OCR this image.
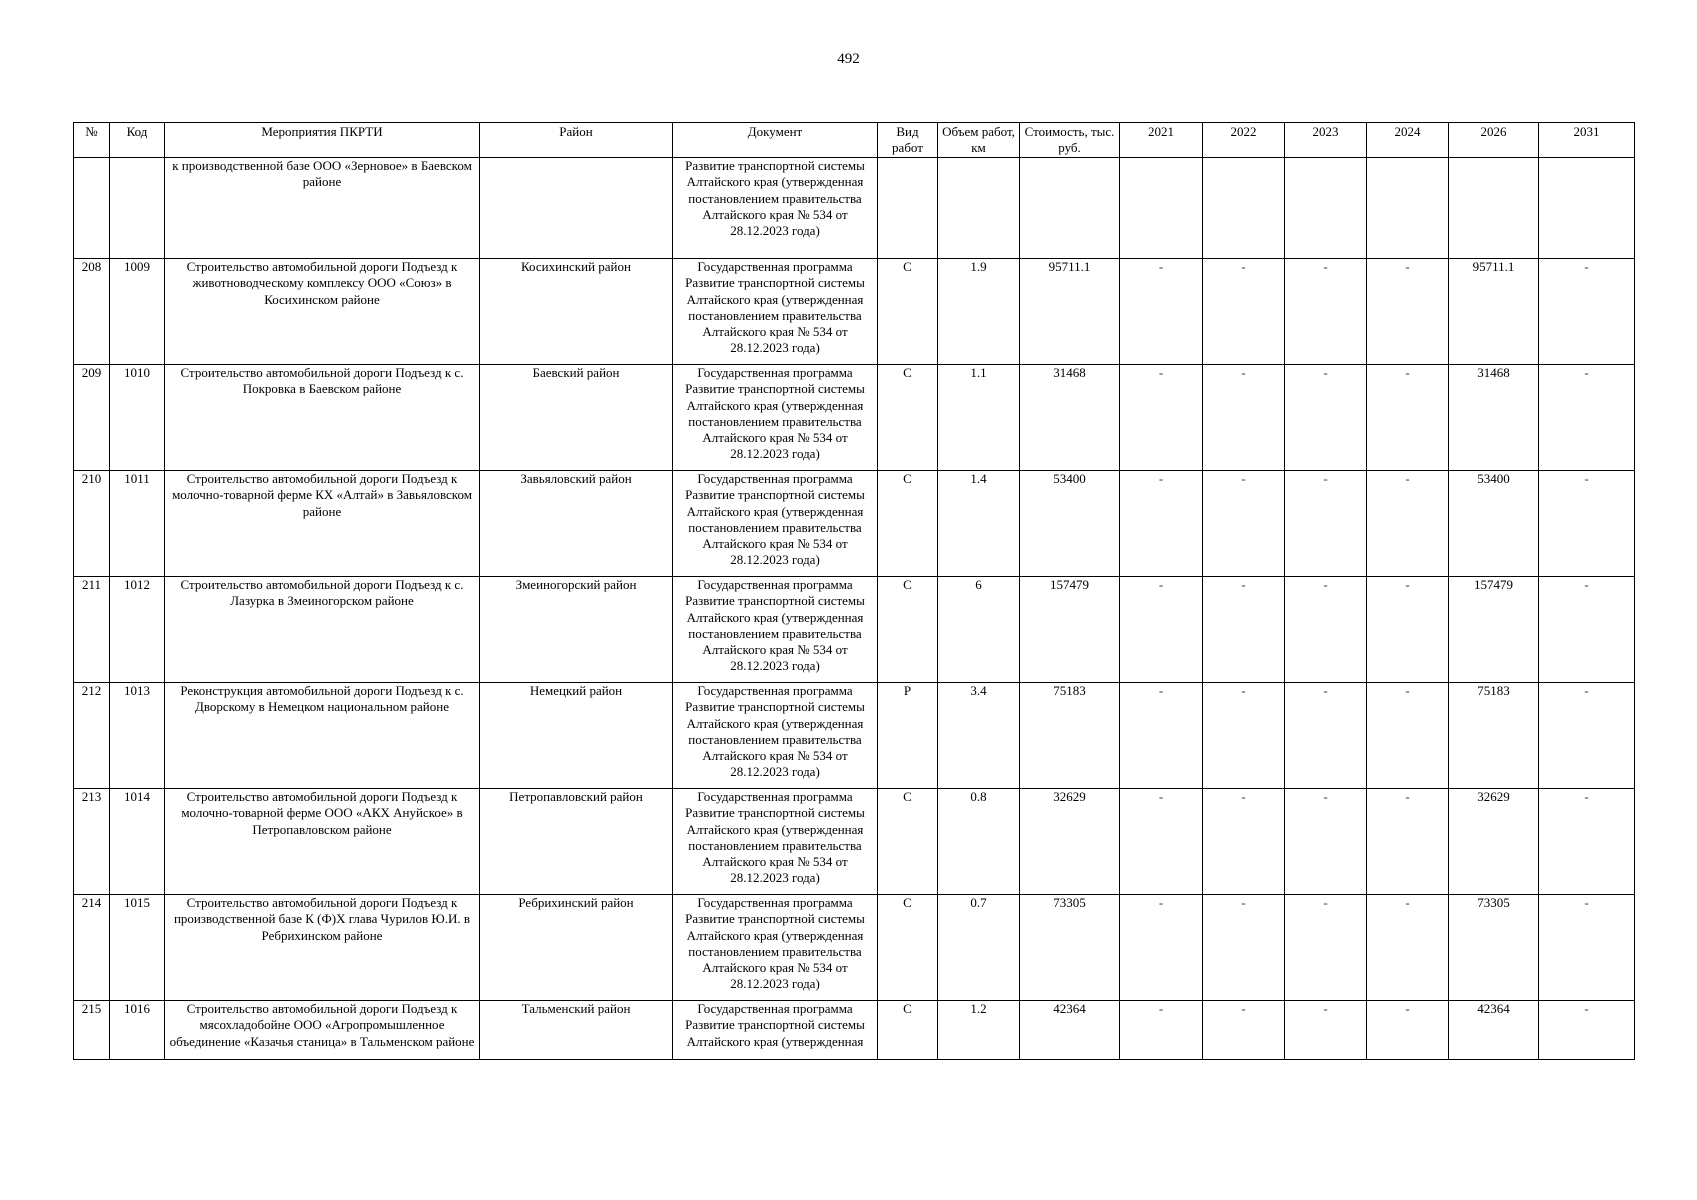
492
№	Код	Мероприятия ПКРТИ	Район	Документ	Вид работ	Объем работ, км	Стоимость, тыс. руб.	2021	2022	2023	2024	2026	2031
		к производственной базе ООО «Зерновое» в Баевском районе		Развитие транспортной системы Алтайского края (утвержденная постановлением правительства Алтайского края № 534 от 28.12.2023 года)									
208	1009	Строительство автомобильной дороги Подъезд к животноводческому комплексу ООО «Союз» в Косихинском районе	Косихинский район	Государственная программа Развитие транспортной системы Алтайского края (утвержденная постановлением правительства Алтайского края № 534 от 28.12.2023 года)	С	1.9	95711.1	-	-	-	-	95711.1	-
209	1010	Строительство автомобильной дороги Подъезд к с. Покровка в Баевском районе	Баевский район	Государственная программа Развитие транспортной системы Алтайского края (утвержденная постановлением правительства Алтайского края № 534 от 28.12.2023 года)	С	1.1	31468	-	-	-	-	31468	-
210	1011	Строительство автомобильной дороги Подъезд к молочно-товарной ферме КХ «Алтай» в Завьяловском районе	Завьяловский район	Государственная программа Развитие транспортной системы Алтайского края (утвержденная постановлением правительства Алтайского края № 534 от 28.12.2023 года)	С	1.4	53400	-	-	-	-	53400	-
211	1012	Строительство автомобильной дороги Подъезд к с. Лазурка в Змеиногорском районе	Змеиногорский район	Государственная программа Развитие транспортной системы Алтайского края (утвержденная постановлением правительства Алтайского края № 534 от 28.12.2023 года)	С	6	157479	-	-	-	-	157479	-
212	1013	Реконструкция автомобильной дороги Подъезд к с. Дворскому в Немецком национальном районе	Немецкий район	Государственная программа Развитие транспортной системы Алтайского края (утвержденная постановлением правительства Алтайского края № 534 от 28.12.2023 года)	Р	3.4	75183	-	-	-	-	75183	-
213	1014	Строительство автомобильной дороги Подъезд к молочно-товарной ферме ООО «АКХ Ануйское» в Петропавловском районе	Петропавловский район	Государственная программа Развитие транспортной системы Алтайского края (утвержденная постановлением правительства Алтайского края № 534 от 28.12.2023 года)	С	0.8	32629	-	-	-	-	32629	-
214	1015	Строительство автомобильной дороги Подъезд к производственной базе К (Ф)Х глава Чурилов Ю.И. в Ребрихинском районе	Ребрихинский район	Государственная программа Развитие транспортной системы Алтайского края (утвержденная постановлением правительства Алтайского края № 534 от 28.12.2023 года)	С	0.7	73305	-	-	-	-	73305	-
215	1016	Строительство автомобильной дороги Подъезд к мясохладобойне ООО «Агропромышленное объединение «Казачья станица» в Тальменском районе	Тальменский район	Государственная программа Развитие транспортной системы Алтайского края (утвержденная	С	1.2	42364	-	-	-	-	42364	-
